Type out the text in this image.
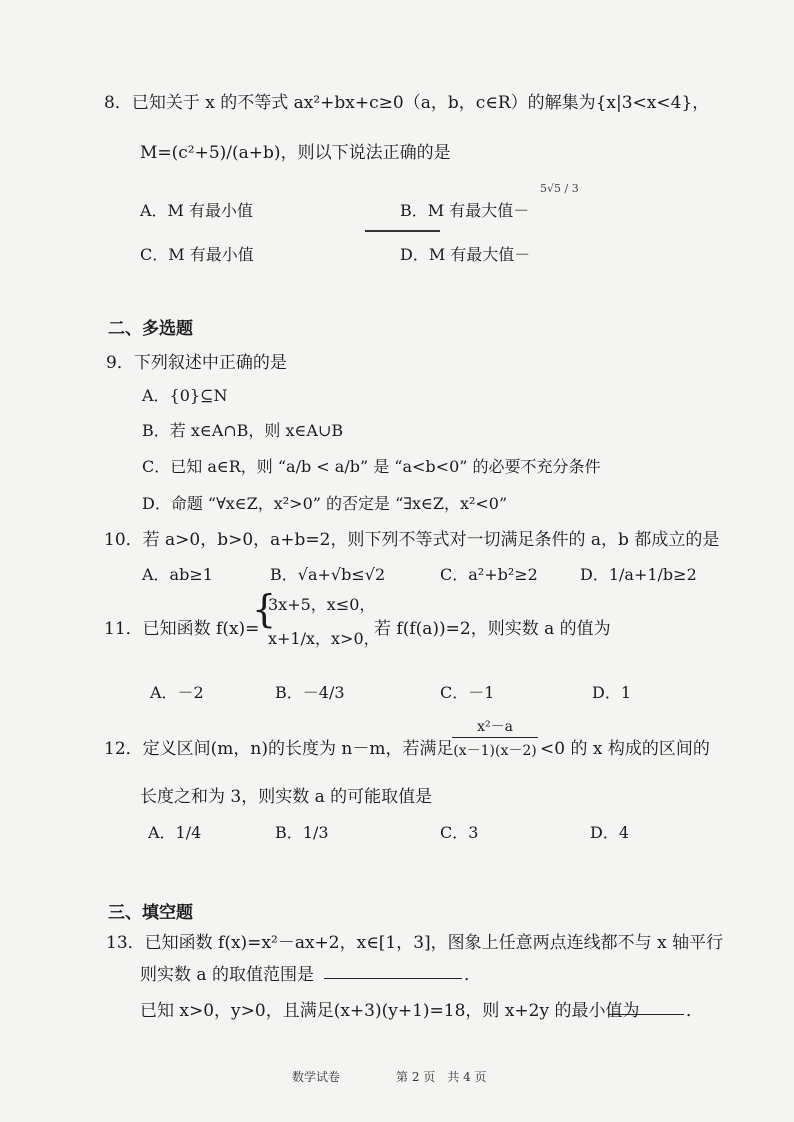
8．已知关于 x 的不等式 ax²+bx+c≥0（a，b，c∈R）的解集为{x|3<x<4}，
M=(c²+5)/(a+b)，则以下说法正确的是
A．M 有最小值	B．M 有最大值－
5√5 / 3
C．M 有最小值	D．M 有最大值－
二、多选题
9．下列叙述中正确的是
A．{0}⊆N
B．若 x∈A∩B，则 x∈A∪B
C．已知 a∈R，则 “a/b < a/b” 是 “a<b<0” 的必要不充分条件
D．命题 “∀x∈Z，x²>0” 的否定是 “∃x∈Z，x²<0”
10．若 a>0，b>0，a+b=2，则下列不等式对一切满足条件的 a，b 都成立的是
A．ab≥1	B．√a+√b≤√2	C．a²+b²≥2	D．1/a+1/b≥2
11．已知函数 f(x)=
{
3x+5，x≤0，
x+1/x，x>0，
若 f(f(a))=2，则实数 a 的值为
A．－2	B．－4/3	C．－1	D．1
12．定义区间(m，n)的长度为 n－m，若满足
x²－a
(x－1)(x－2) <0 的 x 构成的区间的
长度之和为 3，则实数 a 的可能取值是
A．1/4	B．1/3	C．3	D．4
三、填空题
13．已知函数 f(x)=x²－ax+2，x∈[1，3]，图象上任意两点连线都不与 x 轴平行
则实数 a 的取值范围是	．
已知 x>0，y>0，且满足(x+3)(y+1)=18，则 x+2y 的最小值为	．
数学试卷	第 2 页　共 4 页
